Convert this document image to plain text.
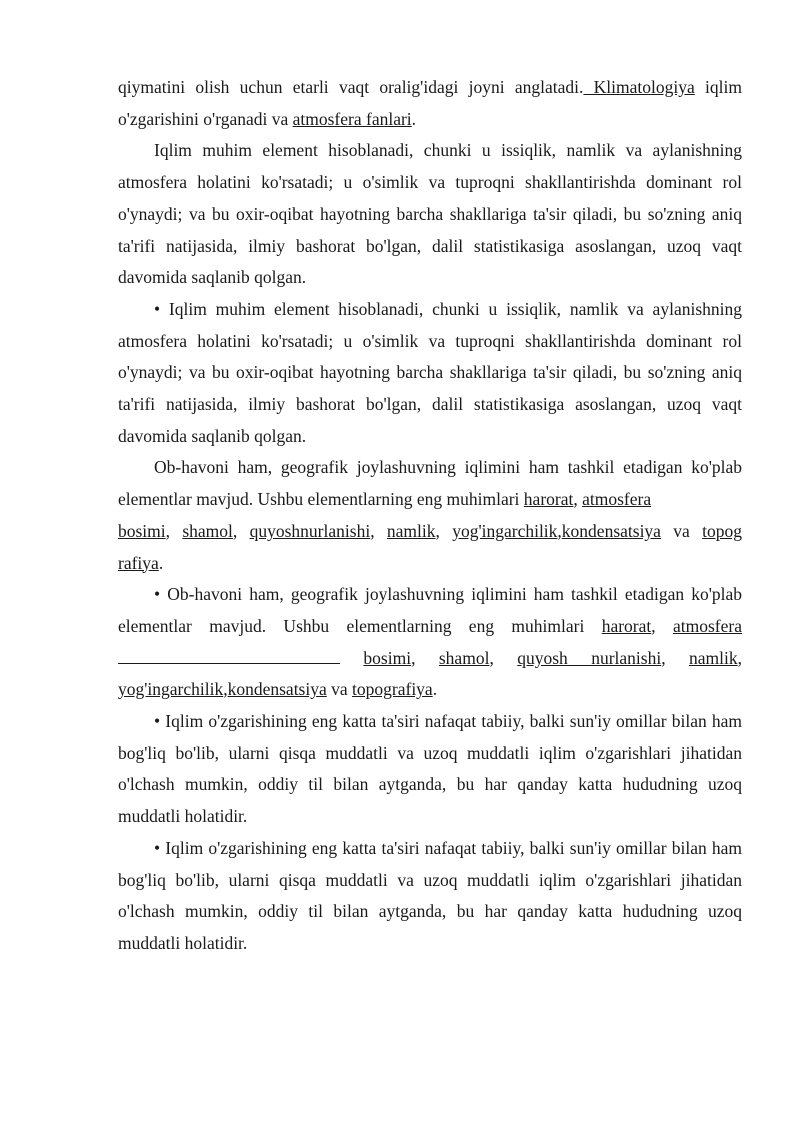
qiymatini olish uchun etarli vaqt oralig'idagi joyni anglatadi. Klimatologiya iqlim o'zgarishini o'rganadi va atmosfera fanlari.

Iqlim muhim element hisoblanadi, chunki u issiqlik, namlik va aylanishning atmosfera holatini ko'rsatadi; u o'simlik va tuproqni shakllantirishda dominant rol o'ynaydi; va bu oxir-oqibat hayotning barcha shakllariga ta'sir qiladi, bu so'zning aniq ta'rifi natijasida, ilmiy bashorat bo'lgan, dalil statistikasiga asoslangan, uzoq vaqt davomida saqlanib qolgan.

• Iqlim muhim element hisoblanadi, chunki u issiqlik, namlik va aylanishning atmosfera holatini ko'rsatadi; u o'simlik va tuproqni shakllantirishda dominant rol o'ynaydi; va bu oxir-oqibat hayotning barcha shakllariga ta'sir qiladi, bu so'zning aniq ta'rifi natijasida, ilmiy bashorat bo'lgan, dalil statistikasiga asoslangan, uzoq vaqt davomida saqlanib qolgan.

Ob-havoni ham, geografik joylashuvning iqlimini ham tashkil etadigan ko'plab elementlar mavjud. Ushbu elementlarning eng muhimlari harorat, atmosfera
bosimi, shamol, quyoshnurlanishi, namlik, yog'ingarchilik,kondensatsiya va topog rafiya.

• Ob-havoni ham, geografik joylashuvning iqlimini ham tashkil etadigan ko'plab elementlar mavjud. Ushbu elementlarning eng muhimlari harorat, atmosfera bosimi, shamol, quyosh nurlanishi, namlik, yog'ingarchilik,kondensatsiya va topografiya.

• Iqlim o'zgarishining eng katta ta'siri nafaqat tabiiy, balki sun'iy omillar bilan ham bog'liq bo'lib, ularni qisqa muddatli va uzoq muddatli iqlim o'zgarishlari jihatidan o'lchash mumkin, oddiy til bilan aytganda, bu har qanday katta hududning uzoq muddatli holatidir.

• Iqlim o'zgarishining eng katta ta'siri nafaqat tabiiy, balki sun'iy omillar bilan ham bog'liq bo'lib, ularni qisqa muddatli va uzoq muddatli iqlim o'zgarishlari jihatidan o'lchash mumkin, oddiy til bilan aytganda, bu har qanday katta hududning uzoq muddatli holatidir.
